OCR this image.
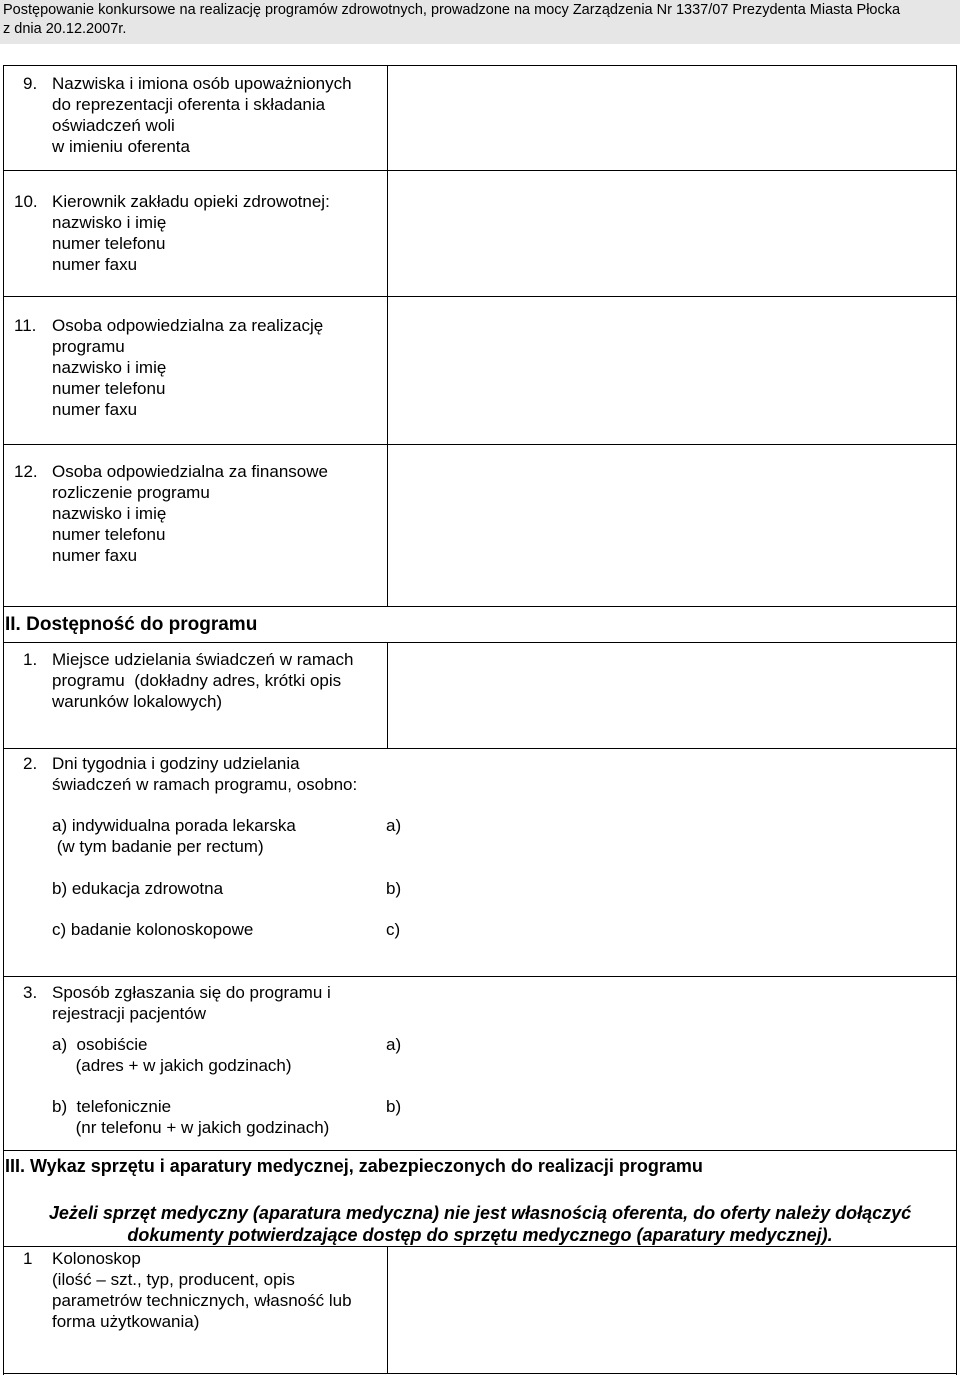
Postępowanie konkursowe na realizację programów zdrowotnych, prowadzone na mocy Zarządzenia Nr 1337/07 Prezydenta Miasta Płocka
z dnia 20.12.2007r.
9. Nazwiska i imiona osób upoważnionych
do reprezentacji oferenta i składania
oświadczeń woli
w imieniu oferenta
10. Kierownik zakładu opieki zdrowotnej:
nazwisko i imię
numer telefonu
numer faxu
11. Osoba odpowiedzialna za realizację
programu
nazwisko i imię
numer telefonu
numer faxu
12. Osoba odpowiedzialna za finansowe
rozliczenie programu
nazwisko i imię
numer telefonu
numer faxu
II. Dostępność do programu
1. Miejsce udzielania świadczeń w ramach
programu  (dokładny adres, krótki opis
warunków lokalowych)
2. Dni tygodnia i godziny udzielania
świadczeń w ramach programu, osobno:
a) indywidualna porada lekarska
(w tym badanie per rectum)
b) edukacja zdrowotna
c) badanie kolonoskopowe
a)
b)
c)
3. Sposób zgłaszania się do programu i
rejestracji pacjentów
a)  osobiście
(adres + w jakich godzinach)
b)  telefonicznie
(nr telefonu + w jakich godzinach)
a)
b)
III. Wykaz sprzętu i aparatury medycznej, zabezpieczonych do realizacji programu
Jeżeli sprzęt medyczny (aparatura medyczna) nie jest własnością oferenta, do oferty należy dołączyć
dokumenty potwierdzające dostęp do sprzętu medycznego (aparatury medycznej).
1 Kolonoskop
(ilość – szt., typ, producent, opis
parametrów technicznych, własność lub
forma użytkowania)
